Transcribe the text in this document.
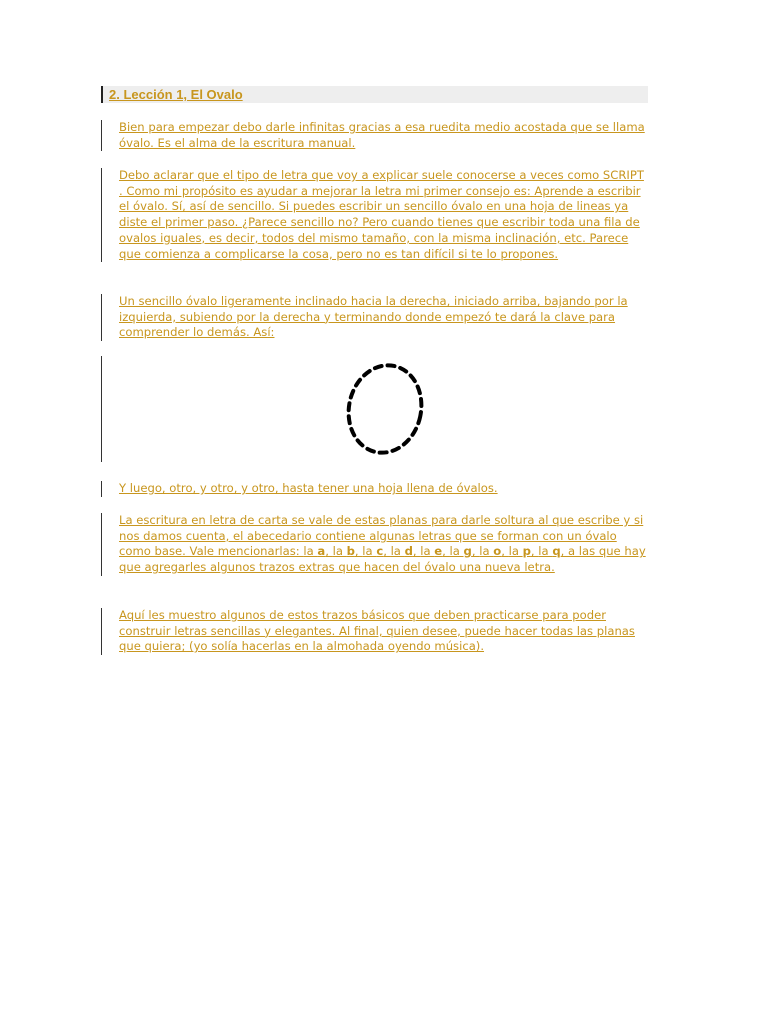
2. Lección 1, El Ovalo

Bien para empezar debo darle infinitas gracias a esa ruedita medio acostada que se llama óvalo. Es el alma de la escritura manual.

Debo aclarar que el tipo de letra que voy a explicar suele conocerse a veces como SCRIPT . Como mi propósito es ayudar a mejorar la letra mi primer consejo es: Aprende a escribir el óvalo. Sí, así de sencillo. Si puedes escribir un sencillo óvalo en una hoja de lineas ya diste el primer paso. ¿Parece sencillo no? Pero cuando tienes que escribir toda una fila de ovalos iguales, es decir, todos del mismo tamaño, con la misma inclinación, etc. Parece que comienza a complicarse la cosa, pero no es tan difícil si te lo propones.

Un sencillo óvalo ligeramente inclinado hacia la derecha, iniciado arriba, bajando por la izquierda, subiendo por la derecha y terminando donde empezó te dará la clave para comprender lo demás. Así:

Y luego, otro, y otro, y otro, hasta tener una hoja llena de óvalos.

La escritura en letra de carta se vale de estas planas para darle soltura al que escribe y si nos damos cuenta, el abecedario contiene algunas letras que se forman con un óvalo como base. Vale mencionarlas: la a, la b, la c, la d, la e, la g, la o, la p, la q, a las que hay que agregarles algunos trazos extras que hacen del óvalo una nueva letra.

Aquí les muestro algunos de estos trazos básicos que deben practicarse para poder construir letras sencillas y elegantes. Al final, quien desee, puede hacer todas las planas que quiera; (yo solía hacerlas en la almohada oyendo música).
